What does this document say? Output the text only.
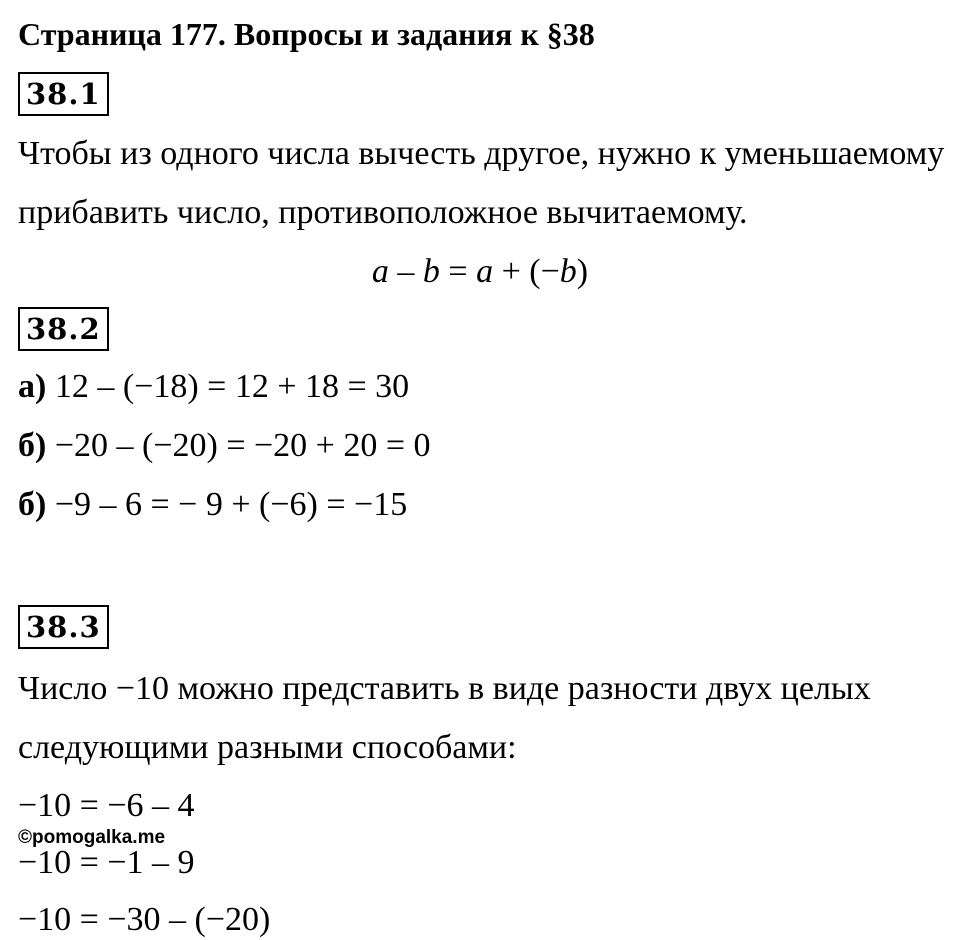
Страница 177. Вопросы и задания к §38
38.1
Чтобы из одного числа вычесть другое, нужно к уменьшаемому
прибавить число, противоположное вычитаемому.
a – b = a + (−b)
38.2
а) 12 – (−18) = 12 + 18 = 30
б) −20 – (−20) = −20 + 20 = 0
б) −9 – 6 = − 9 + (−6) = −15
38.3
Число −10 можно представить в виде разности двух целых
следующими разными способами:
−10 = −6 – 4
−10 = −1 – 9
−10 = −30 – (−20)
©pomogalka.me
